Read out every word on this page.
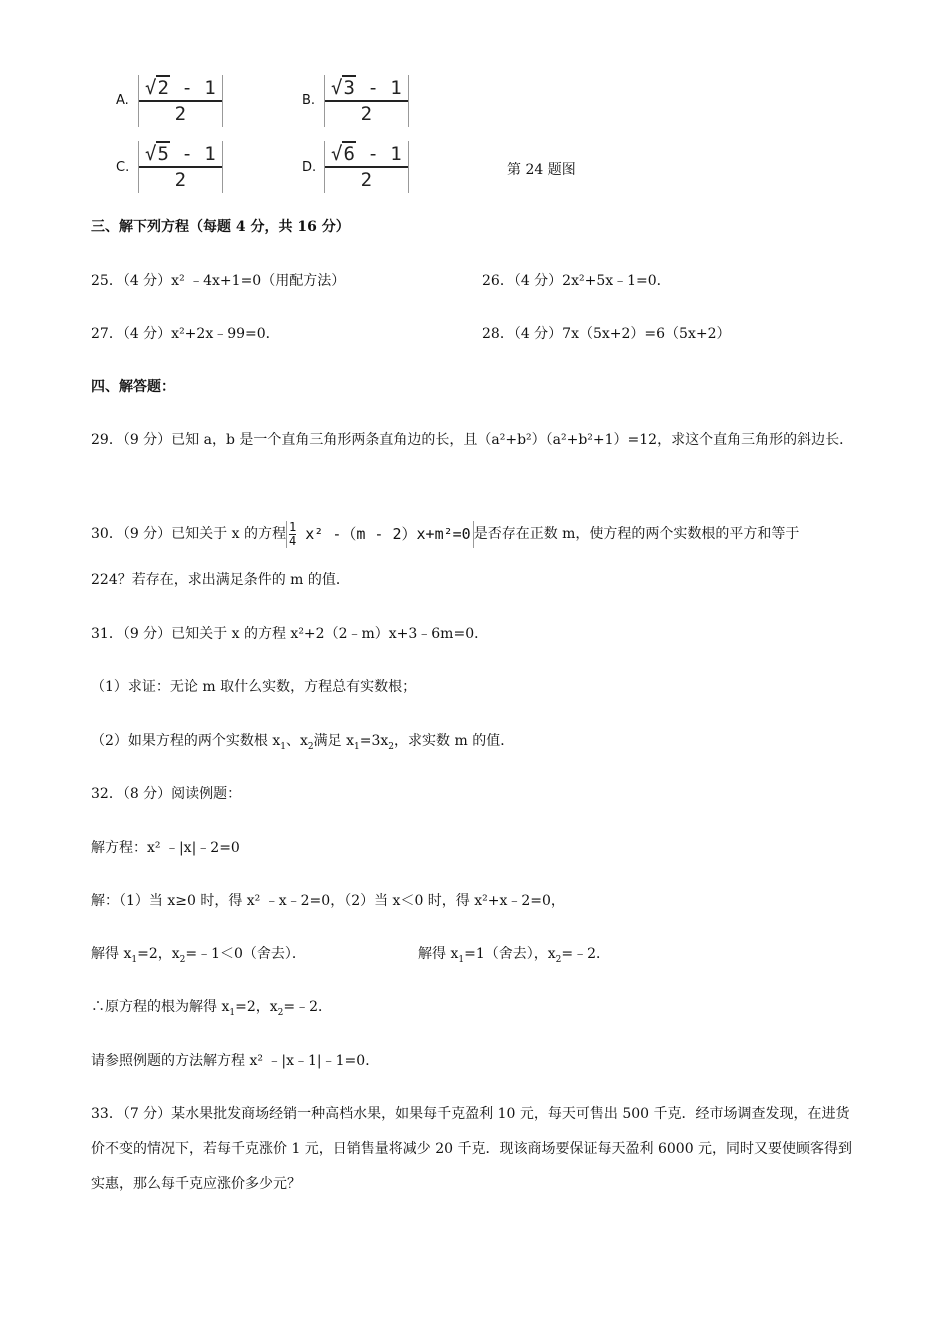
A. $\frac{√2 - 1}{2}$	B. $\frac{√3 - 1}{2}$
C. $\frac{√5 - 1}{2}$	D. $\frac{√6 - 1}{2}$	第 24 题图
三、解下列方程（每题 4 分，共 16 分）
25．（4 分）x² ﹣4x+1=0（用配方法）	26．（4 分）2x²+5x﹣1=0．
27．（4 分）x²+2x﹣99=0．	28．（4 分）7x（5x+2）=6（5x+2）
四、解答题：
29．（9 分）已知 a，b 是一个直角三角形两条直角边的长，且（a²+b²）（a²+b²+1）=12，求这个直角三角形的斜边长．
30．（9 分）已知关于 x 的方程 $\frac{1}{4} x^2$ -（m - 2）x+m²=0 是否存在正数 m，使方程的两个实数根的平方和等于
224？若存在，求出满足条件的 m 的值．
31．（9 分）已知关于 x 的方程 x²+2（2﹣m）x+3﹣6m=0．
（1）求证：无论 m 取什么实数，方程总有实数根；
（2）如果方程的两个实数根 $x_1$、$x_2$满足 $x_1=3x_2$，求实数 m 的值．
32．（8 分）阅读例题：
解方程：x² ﹣|x|﹣2=0
解：（1）当 x≥0 时，得 x² ﹣x﹣2=0，（2）当 x＜0 时，得 x²+x﹣2=0，
解得 $x_1=2$，$x_2=﹣1<0$（舍去）．	解得 $x_1=1$（舍去），$x_2=﹣2$．
∴原方程的根为解得 $x_1=2$，$x_2=﹣2$．
请参照例题的方法解方程 x² ﹣|x﹣1|﹣1=0．
33．（7 分）某水果批发商场经销一种高档水果，如果每千克盈利 10 元，每天可售出 500 千克．经市场调查发现，在进货价不变的情况下，若每千克涨价 1 元，日销售量将减少 20 千克．现该商场要保证每天盈利 6000 元，同时又要使顾客得到实惠，那么每千克应涨价多少元？
